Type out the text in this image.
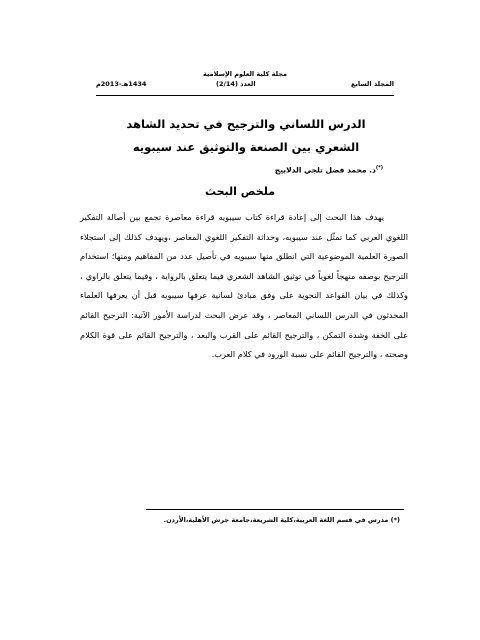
مجلة كلية العلوم الإسلامية
المجلد السابع
العدد (2/14)
1434هـ-2013م
الدرس اللساني والترجيح في تحديد الشاهد الشعري بين الصنعة والتوثيق عند سيبويه
(*)د. محمد فضل تلجي الدلابيج
ملخص البحث

يهدف هذا البحث إلى إعادة قراءة كتاب سيبويه قراءة معاصرة تجمع بين أصالة التفكير اللغوي العربي كما تمثّل عند سيبويه، وحداثة التفكير اللغوي المعاصر ،ويهدف كذلك إلى استجلاء الصورة العلمية الموضوعية التي انطلق منها سيبويه في تأصيل عدد من المفاهيم ومنها؛ استخدام الترجيح بوصفه منهجاً لغوياً في توثيق الشاهد الشعري فيما يتعلق بالرواية ، وفيما يتعلق بالراوي ، وكذلك في بيان القواعد النحوية على وفق مبادئ لسانية عرفها سيبويه قبل أن يعرفها العلماء المحدثون في الدرس اللساني المعاصر ، وقد عرض البحث لدراسة الأمور الآتية: الترجيح القائم على الخفة وشدة التمكن ، والترجيح القائم على القرب والبعد ، والترجيح القائم على قوة الكلام وصحته ، والترجيح القائم على نسبة الورود في كلام العرب.

(*) مدرس في قسم اللغة العربية،كلية الشريعة،جامعة جرش الأهلية،الأردن.
